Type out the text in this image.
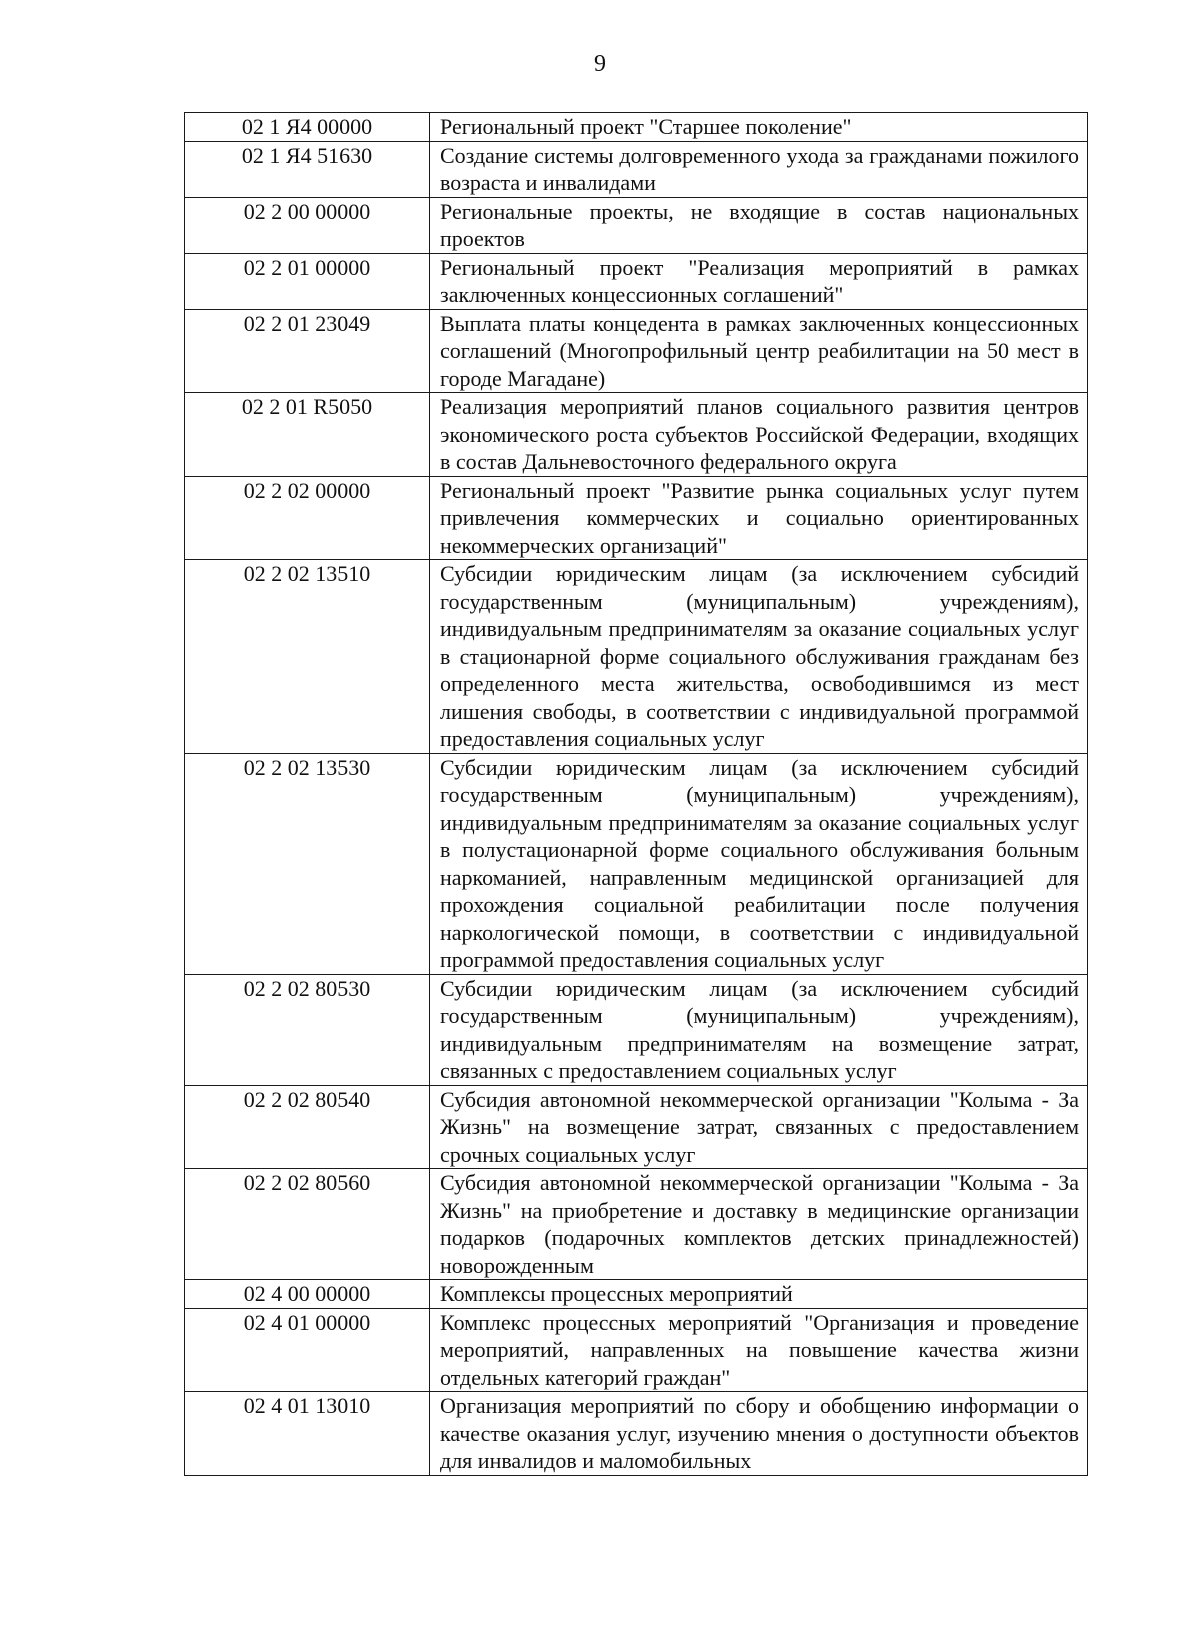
9
02 1 Я4 00000	Региональный проект "Старшее поколение"
02 1 Я4 51630	Создание системы долговременного ухода за гражданами пожилого возраста и инвалидами
02 2 00 00000	Региональные проекты, не входящие в состав национальных проектов
02 2 01 00000	Региональный проект "Реализация мероприятий в рамках заключенных концессионных соглашений"
02 2 01 23049	Выплата платы концедента в рамках заключенных концессионных соглашений (Многопрофильный центр реабилитации на 50 мест в городе Магадане)
02 2 01 R5050	Реализация мероприятий планов социального развития центров экономического роста субъектов Российской Федерации, входящих в состав Дальневосточного федерального округа
02 2 02 00000	Региональный проект "Развитие рынка социальных услуг путем привлечения коммерческих и социально ориентированных некоммерческих организаций"
02 2 02 13510	Субсидии юридическим лицам (за исключением субсидий государственным (муниципальным) учреждениям), индивидуальным предпринимателям за оказание социальных услуг в стационарной форме социального обслуживания гражданам без определенного места жительства, освободившимся из мест лишения свободы, в соответствии с индивидуальной программой предоставления социальных услуг
02 2 02 13530	Субсидии юридическим лицам (за исключением субсидий государственным (муниципальным) учреждениям), индивидуальным предпринимателям за оказание социальных услуг в полустационарной форме социального обслуживания больным наркоманией, направленным медицинской организацией для прохождения социальной реабилитации после получения наркологической помощи, в соответствии с индивидуальной программой предоставления социальных услуг
02 2 02 80530	Субсидии юридическим лицам (за исключением субсидий государственным (муниципальным) учреждениям), индивидуальным предпринимателям на возмещение затрат, связанных с предоставлением социальных услуг
02 2 02 80540	Субсидия автономной некоммерческой организации "Колыма - За Жизнь" на возмещение затрат, связанных с предоставлением срочных социальных услуг
02 2 02 80560	Субсидия автономной некоммерческой организации "Колыма - За Жизнь" на приобретение и доставку в медицинские организации подарков (подарочных комплектов детских принадлежностей) новорожденным
02 4 00 00000	Комплексы процессных мероприятий
02 4 01 00000	Комплекс процессных мероприятий "Организация и проведение мероприятий, направленных на повышение качества жизни отдельных категорий граждан"
02 4 01 13010	Организация мероприятий по сбору и обобщению информации о качестве оказания услуг, изучению мнения о доступности объектов для инвалидов и маломобильных
